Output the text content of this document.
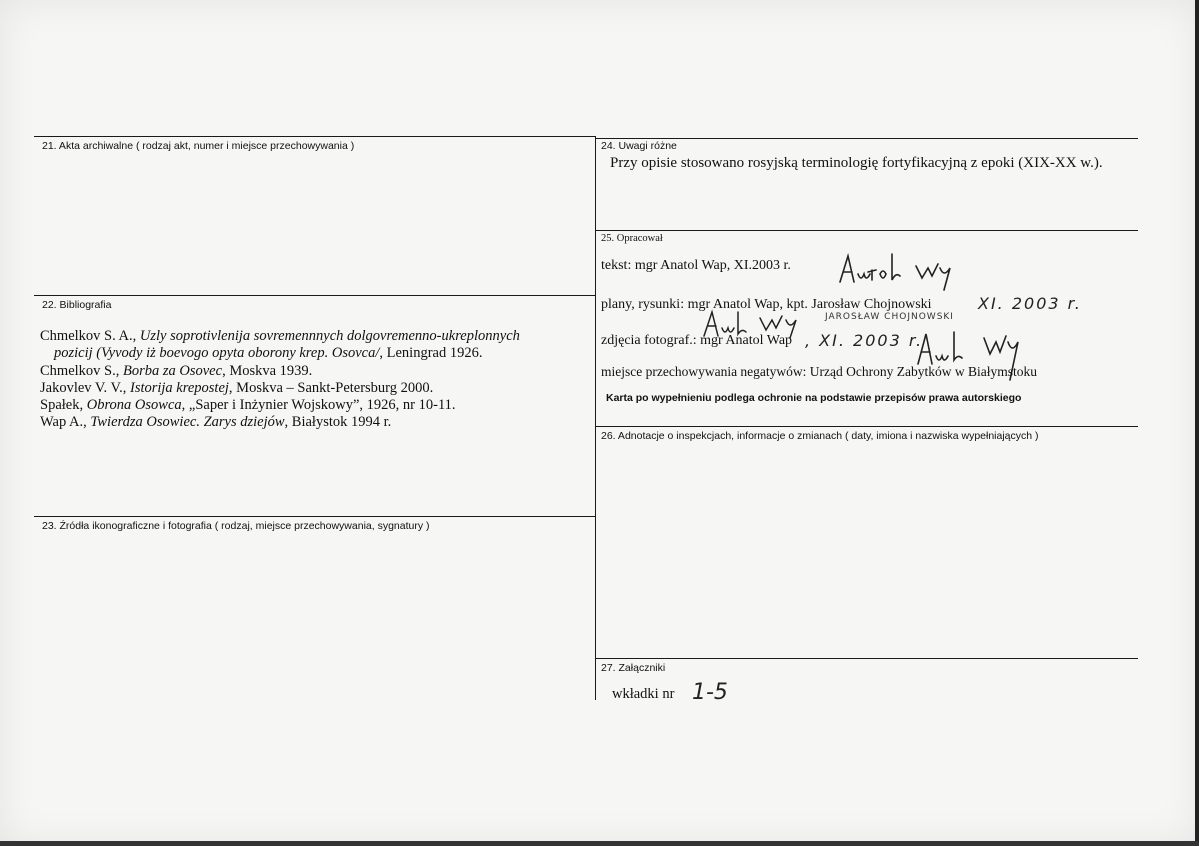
21. Akta archiwalne ( rodzaj akt, numer i miejsce przechowywania )
22. Bibliografia
Chmelkov S. A., Uzly soprotivlenija sovremennnych dolgovremenno-ukreplonnych
pozicij (Vyvody iż boevogo opyta oborony krep. Osovca/, Leningrad 1926.
Chmelkov S., Borba za Osovec, Moskva 1939.
Jakovlev V. V., Istorija krepostej, Moskva – Sankt-Petersburg 2000.
Spałek, Obrona Osowca, „Saper i Inżynier Wojskowy”, 1926, nr 10-11.
Wap A., Twierdza Osowiec. Zarys dziejów, Białystok 1994 r.
23. Źródła ikonograficzne i fotografia ( rodzaj, miejsce przechowywania, sygnatury )
24. Uwagi różne
Przy opisie stosowano rosyjską terminologię fortyfikacyjną z epoki (XIX-XX w.).
25. Opracował
tekst: mgr Anatol Wap, XI.2003 r.
plany, rysunki: mgr Anatol Wap, kpt. Jarosław Chojnowski	XI. 2003 r.
JAROSŁAW CHOJNOWSKI
zdjęcia fotograf.: mgr Anatol Wap , XI. 2003 r.
miejsce przechowywania negatywów: Urząd Ochrony Zabytków w Białymstoku
Karta po wypełnieniu podlega ochronie na podstawie przepisów prawa autorskiego
26. Adnotacje o inspekcjach, informacje o zmianach ( daty, imiona i nazwiska wypełniających )
27. Załączniki
wkładki nr 1-5
